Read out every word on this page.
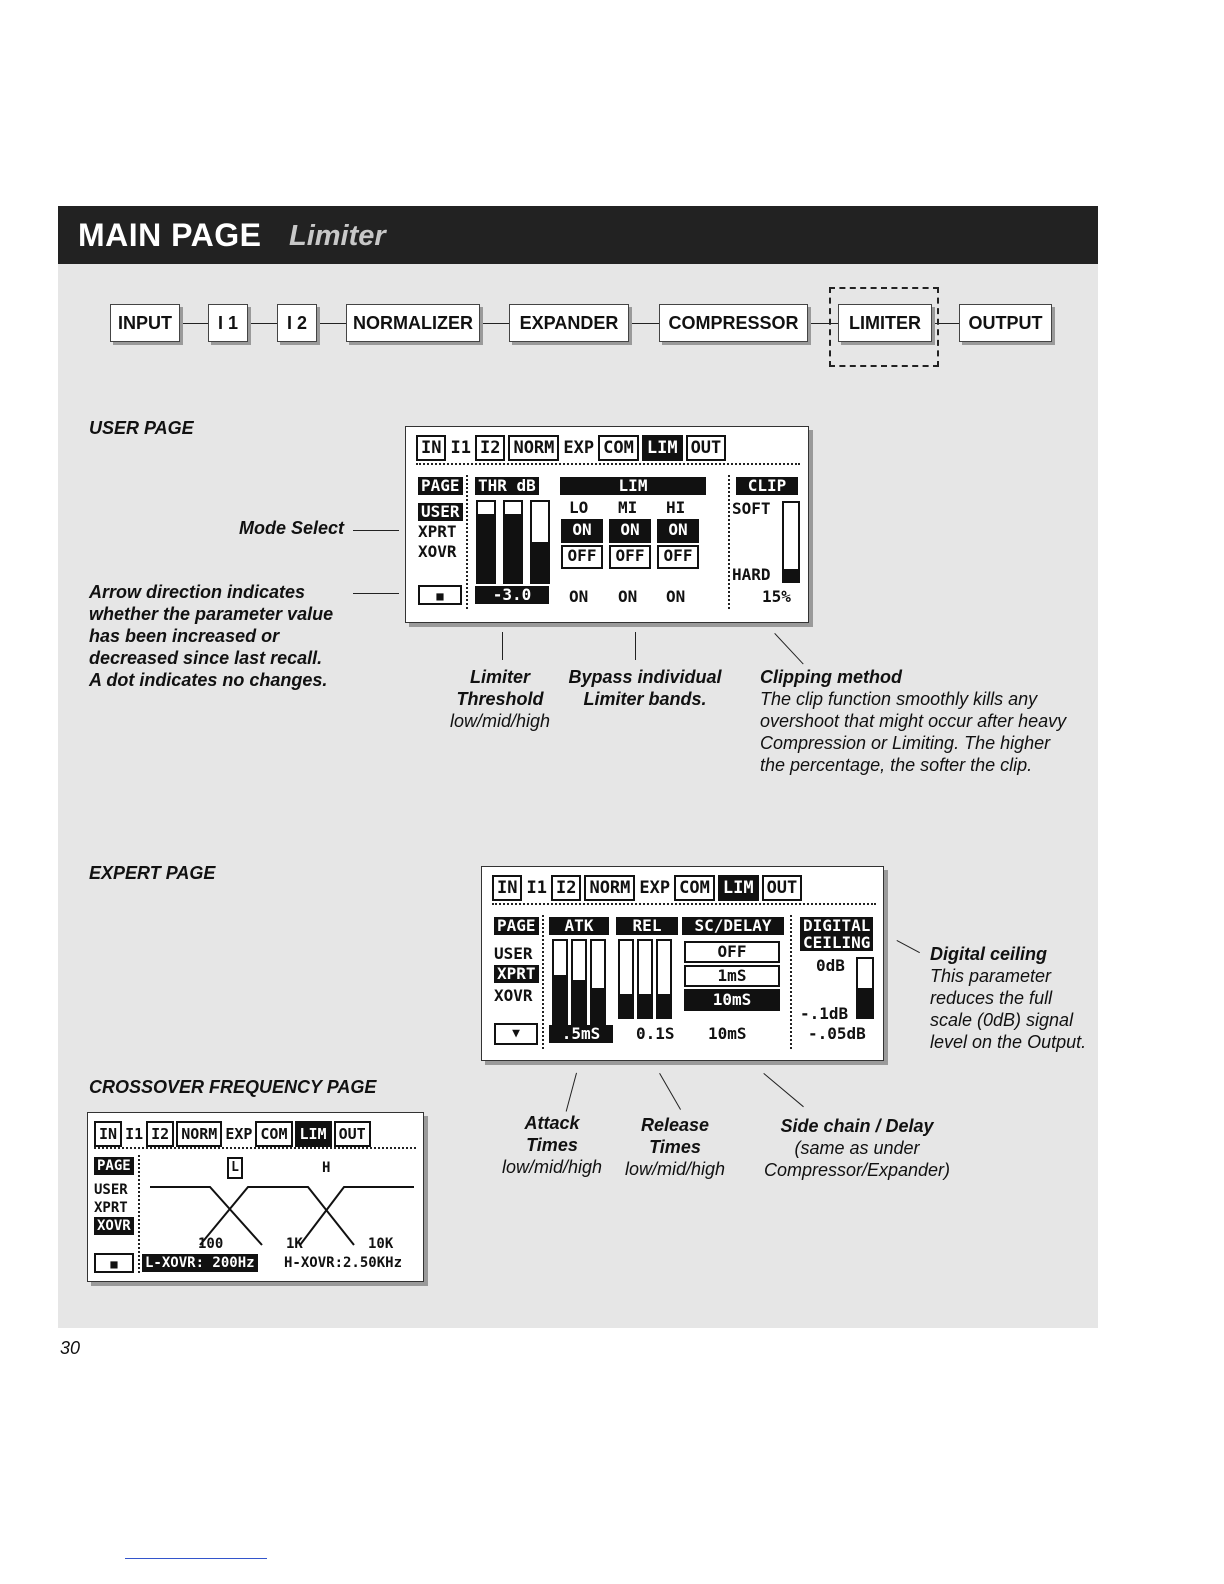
MAIN PAGE Limiter
INPUT	I 1	I 2	NORMALIZER	EXPANDER	COMPRESSOR	LIMITER	OUTPUT
USER PAGE
Mode Select
Arrow direction indicates
whether the parameter value
has been increased or
decreased since last recall.
A dot indicates no changes.
IN I1 I2 NORM EXP COM LIM OUT
PAGE
USER
XPRT
XOVR
THR dB
-3.0
LIM
LO MI HI
ON	ON	ON
OFF	OFF	OFF
ON ON ON
CLIP
SOFT
HARD
15%
■
Limiter
Threshold
low/mid/high
Bypass individual
Limiter bands.
Clipping method
The clip function smoothly kills any
overshoot that might occur after heavy
Compression or Limiting. The higher
the percentage, the softer the clip.
EXPERT PAGE
IN I1 I2 NORM EXP COM LIM OUT
PAGE
USER
XPRT
XOVR
ATK
.5mS
REL
0.1S
SC/DELAY
OFF
1mS
10mS
10mS
DIGITAL
CEILING
0dB
-.1dB
-.05dB
▼
Digital ceiling
This parameter
reduces the full
scale (0dB) signal
level on the Output.
Attack
Times
low/mid/high
Release
Times
low/mid/high
Side chain / Delay
(same as under
Compressor/Expander)
CROSSOVER FREQUENCY PAGE
IN I1 I2 NORM EXP COM LIM OUT
PAGE
USER
XPRT
XOVR
L	H
100	1K	10K
■	L-XOVR: 200Hz H-XOVR:2.50KHz
30
